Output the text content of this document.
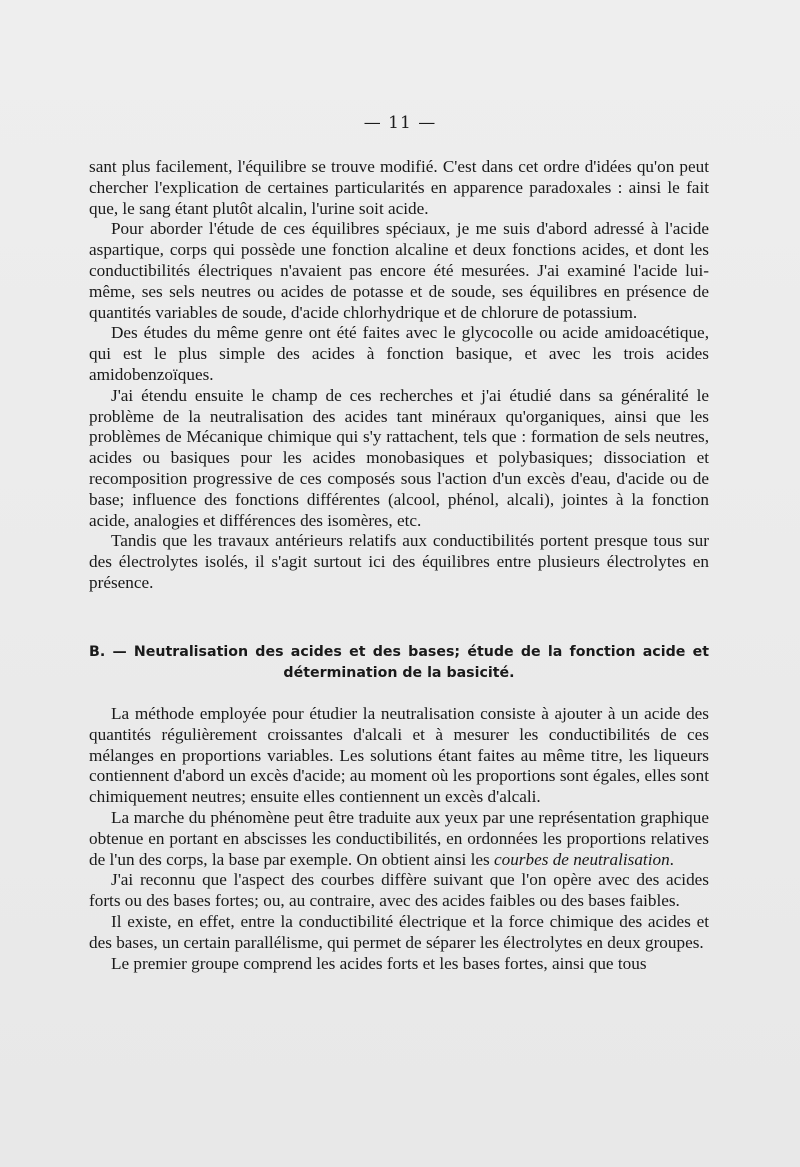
— 11 —

sant plus facilement, l'équilibre se trouve modifié. C'est dans cet ordre d'idées qu'on peut chercher l'explication de certaines particularités en apparence paradoxales : ainsi le fait que, le sang étant plutôt alcalin, l'urine soit acide.

Pour aborder l'étude de ces équilibres spéciaux, je me suis d'abord adressé à l'acide aspartique, corps qui possède une fonction alcaline et deux fonctions acides, et dont les conductibilités électriques n'avaient pas encore été mesurées. J'ai examiné l'acide lui-même, ses sels neutres ou acides de potasse et de soude, ses équilibres en présence de quantités variables de soude, d'acide chlorhydrique et de chlorure de potassium.

Des études du même genre ont été faites avec le glycocolle ou acide amidoacétique, qui est le plus simple des acides à fonction basique, et avec les trois acides amidobenzoïques.

J'ai étendu ensuite le champ de ces recherches et j'ai étudié dans sa généralité le problème de la neutralisation des acides tant minéraux qu'organiques, ainsi que les problèmes de Mécanique chimique qui s'y rattachent, tels que : formation de sels neutres, acides ou basiques pour les acides monobasiques et polybasiques; dissociation et recomposition progressive de ces composés sous l'action d'un excès d'eau, d'acide ou de base; influence des fonctions différentes (alcool, phénol, alcali), jointes à la fonction acide, analogies et différences des isomères, etc.

Tandis que les travaux antérieurs relatifs aux conductibilités portent presque tous sur des électrolytes isolés, il s'agit surtout ici des équilibres entre plusieurs électrolytes en présence.

B. — Neutralisation des acides et des bases; étude de la fonction acide et
détermination de la basicité.

La méthode employée pour étudier la neutralisation consiste à ajouter à un acide des quantités régulièrement croissantes d'alcali et à mesurer les conductibilités de ces mélanges en proportions variables. Les solutions étant faites au même titre, les liqueurs contiennent d'abord un excès d'acide; au moment où les proportions sont égales, elles sont chimiquement neutres; ensuite elles contiennent un excès d'alcali.

La marche du phénomène peut être traduite aux yeux par une représentation graphique obtenue en portant en abscisses les conductibilités, en ordonnées les proportions relatives de l'un des corps, la base par exemple. On obtient ainsi les courbes de neutralisation.

J'ai reconnu que l'aspect des courbes diffère suivant que l'on opère avec des acides forts ou des bases fortes; ou, au contraire, avec des acides faibles ou des bases faibles.

Il existe, en effet, entre la conductibilité électrique et la force chimique des acides et des bases, un certain parallélisme, qui permet de séparer les électrolytes en deux groupes.

Le premier groupe comprend les acides forts et les bases fortes, ainsi que tous
